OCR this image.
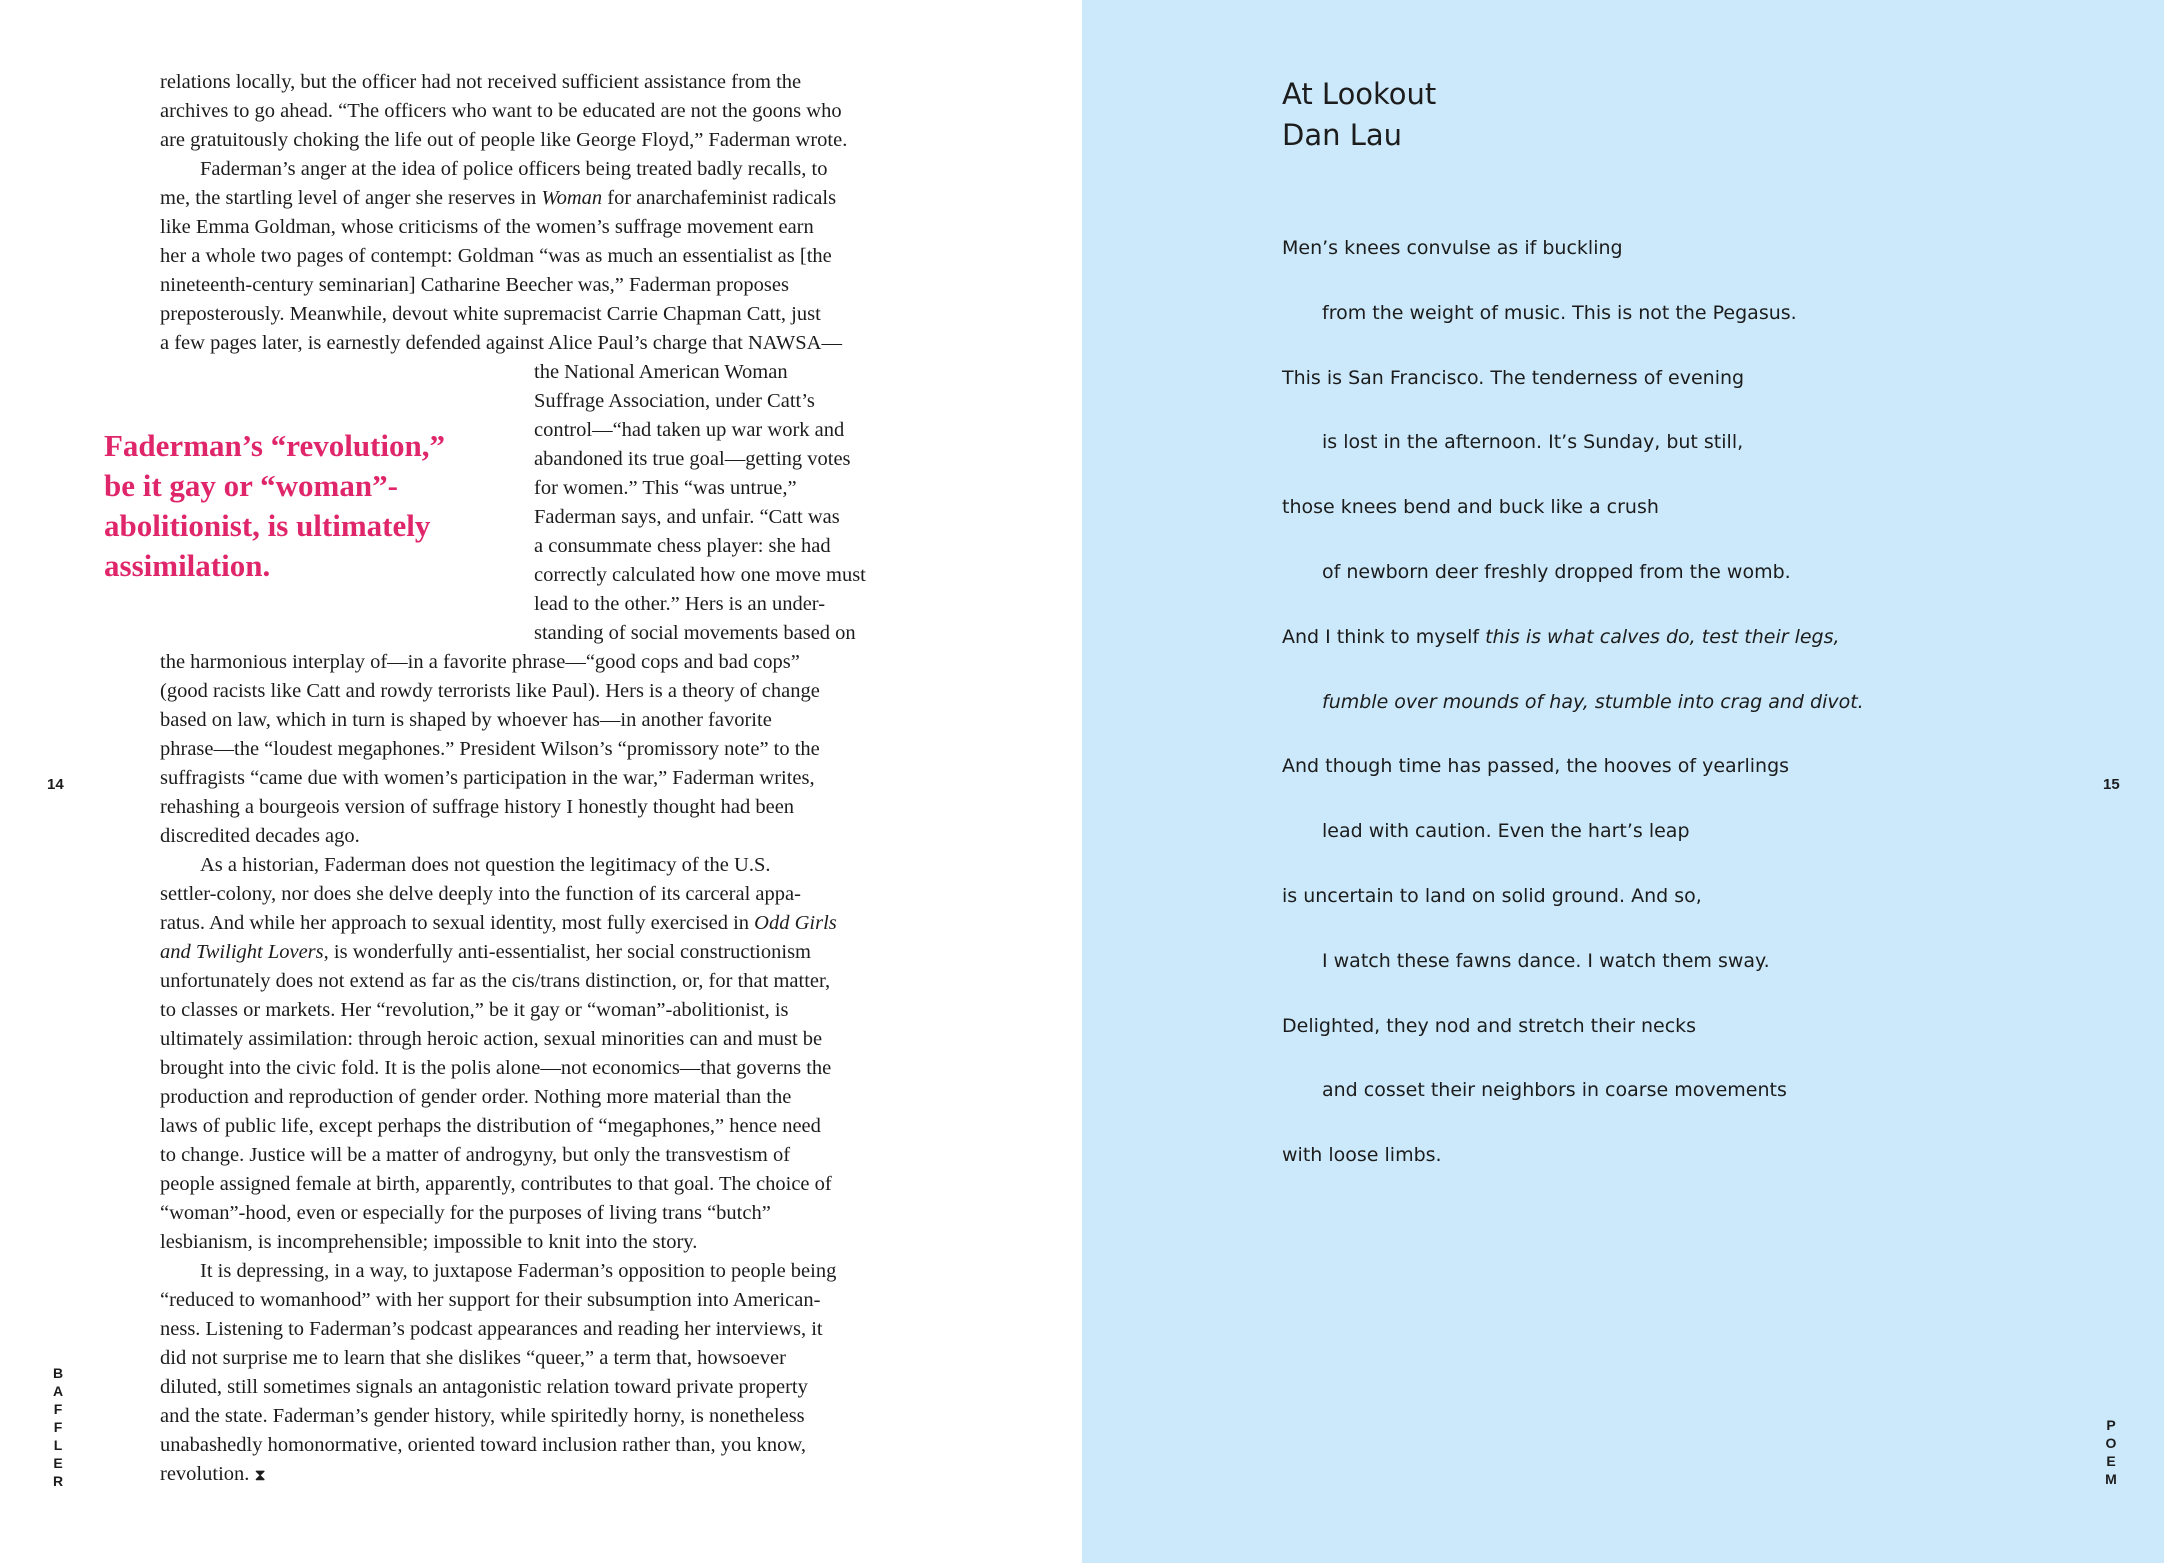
relations locally, but the officer had not received sufficient assistance from the
archives to go ahead. “The officers who want to be educated are not the goons who
are gratuitously choking the life out of people like George Floyd,” Faderman wrote.

Faderman’s anger at the idea of police officers being treated badly recalls, to
me, the startling level of anger she reserves in Woman for anarchafeminist radicals
like Emma Goldman, whose criticisms of the women’s suffrage movement earn
her a whole two pages of contempt: Goldman “was as much an essentialist as [the
nineteenth-century seminarian] Catharine Beecher was,” Faderman proposes
preposterously. Meanwhile, devout white supremacist Carrie Chapman Catt, just
a few pages later, is earnestly defended against Alice Paul’s charge that NAWSA—

the National American Woman
Suffrage Association, under Catt’s
control—“had taken up war work and
abandoned its true goal—getting votes
for women.” This “was untrue,”
Faderman says, and unfair. “Catt was
a consummate chess player: she had
correctly calculated how one move must
lead to the other.” Hers is an under-
standing of social movements based on

the harmonious interplay of—in a favorite phrase—“good cops and bad cops”
(good racists like Catt and rowdy terrorists like Paul). Hers is a theory of change
based on law, which in turn is shaped by whoever has—in another favorite
phrase—the “loudest megaphones.” President Wilson’s “promissory note” to the
suffragists “came due with women’s participation in the war,” Faderman writes,
rehashing a bourgeois version of suffrage history I honestly thought had been
discredited decades ago.

As a historian, Faderman does not question the legitimacy of the U.S.
settler-colony, nor does she delve deeply into the function of its carceral appa-
ratus. And while her approach to sexual identity, most fully exercised in Odd Girls
and Twilight Lovers, is wonderfully anti-essentialist, her social constructionism
unfortunately does not extend as far as the cis/trans distinction, or, for that matter,
to classes or markets. Her “revolution,” be it gay or “woman”-abolitionist, is
ultimately assimilation: through heroic action, sexual minorities can and must be
brought into the civic fold. It is the polis alone—not economics—that governs the
production and reproduction of gender order. Nothing more material than the
laws of public life, except perhaps the distribution of “megaphones,” hence need
to change. Justice will be a matter of androgyny, but only the transvestism of
people assigned female at birth, apparently, contributes to that goal. The choice of
“woman”-hood, even or especially for the purposes of living trans “butch”
lesbianism, is incomprehensible; impossible to knit into the story.

It is depressing, in a way, to juxtapose Faderman’s opposition to people being
“reduced to womanhood” with her support for their subsumption into American-
ness. Listening to Faderman’s podcast appearances and reading her interviews, it
did not surprise me to learn that she dislikes “queer,” a term that, howsoever
diluted, still sometimes signals an antagonistic relation toward private property
and the state. Faderman’s gender history, while spiritedly horny, is nonetheless
unabashedly homonormative, oriented toward inclusion rather than, you know,
revolution. ⧗

Faderman’s “revolution,”

be it gay or “woman”-

abolitionist, is ultimately

assimilation.

14
B
A
F
F
L
E
R
At Lookout
Dan Lau
Men’s knees convulse as if buckling
from the weight of music. This is not the Pegasus.
This is San Francisco. The tenderness of evening
is lost in the afternoon. It’s Sunday, but still,
those knees bend and buck like a crush
of newborn deer freshly dropped from the womb.
And I think to myself this is what calves do, test their legs,
fumble over mounds of hay, stumble into crag and divot.
And though time has passed, the hooves of yearlings
lead with caution. Even the hart’s leap
is uncertain to land on solid ground. And so,
I watch these fawns dance. I watch them sway.
Delighted, they nod and stretch their necks
and cosset their neighbors in coarse movements
with loose limbs.
15
P
O
E
M
